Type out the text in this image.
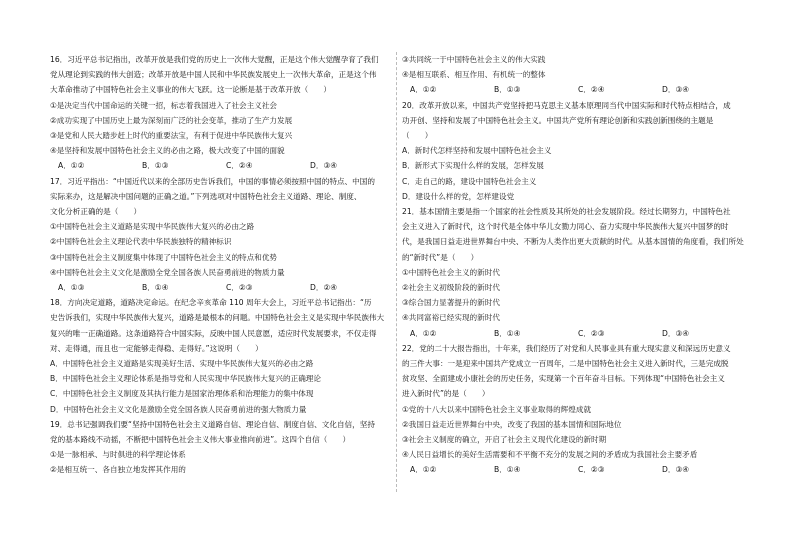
16．习近平总书记指出，改革开放是我们党的历史上一次伟大觉醒，正是这个伟大觉醒孕育了我们
党从理论到实践的伟大创造；改革开放是中国人民和中华民族发展史上一次伟大革命，正是这个伟
大革命推动了中国特色社会主义事业的伟大飞跃。这一论断是基于改革开放（　　）
①是决定当代中国命运的关键一招，标志着我国进入了社会主义社会
②成功实现了中国历史上最为深刻而广泛的社会变革，推动了生产力发展
③是党和人民大踏步赶上时代的重要法宝，有利于促进中华民族伟大复兴
④是坚持和发展中国特色社会主义的必由之路，极大改变了中国的面貌
A．①②	B．①③	C．②④	D．③④
17．习近平指出：“中国近代以来的全部历史告诉我们，中国的事情必须按照中国的特点、中国的
实际来办，这是解决中国问题的正确之道。”下列选项对中国特色社会主义道路、理论、制度、
文化分析正确的是（　　）
①中国特色社会主义道路是实现中华民族伟大复兴的必由之路
②中国特色社会主义理论代表中华民族独特的精神标识
③中国特色社会主义制度集中体现了中国特色社会主义的特点和优势
④中国特色社会主义文化是激励全党全国各族人民奋勇前进的物质力量
A．①③	B．①④	C．②③	D．②④
18．方向决定道路，道路决定命运。在纪念辛亥革命 110 周年大会上，习近平总书记指出：“历
史告诉我们，实现中华民族伟大复兴，道路是最根本的问题。中国特色社会主义是实现中华民族伟大
复兴的唯一正确道路。这条道路符合中国实际，反映中国人民意愿，适应时代发展要求，不仅走得
对、走得通，而且也一定能够走得稳、走得好。”这说明（　　）
A．中国特色社会主义道路是实现美好生活、实现中华民族伟大复兴的必由之路
B．中国特色社会主义理论体系是指导党和人民实现中华民族伟大复兴的正确理论
C．中国特色社会主义制度及其执行能力是国家治理体系和治理能力的集中体现
D．中国特色社会主义文化是激励全党全国各族人民奋勇前进的强大物质力量
19．总书记强调我们要“坚持中国特色社会主义道路自信、理论自信、制度自信、文化自信，坚持
党的基本路线不动摇，不断把中国特色社会主义伟大事业推向前进”。这四个自信（　　）
①是一脉相承、与时俱进的科学理论体系
②是相互统一、各自独立地发挥其作用的
③共同统一于中国特色社会主义的伟大实践
④是相互联系、相互作用、有机统一的整体
A．①②	B．①③	C．②④	D．③④
20．改革开放以来，中国共产党坚持把马克思主义基本原理同当代中国实际和时代特点相结合，成
功开创、坚持和发展了中国特色社会主义。中国共产党所有理论创新和实践创新围绕的主题是
（　　）
A．新时代怎样坚持和发展中国特色社会主义
B．新形式下实现什么样的发展，怎样发展
C．走自己的路，建设中国特色社会主义
D．建设什么样的党，怎样建设党
21．基本国情主要是指一个国家的社会性质及其所处的社会发展阶段。经过长期努力，中国特色社
会主义进入了新时代，这个时代是全体中华儿女勠力同心、奋力实现中华民族伟大复兴中国梦的时
代，是我国日益走进世界舞台中央、不断为人类作出更大贡献的时代。从基本国情的角度看，我们所处
的“新时代”是（　　）
①中国特色社会主义的新时代
②社会主义初级阶段的新时代
③综合国力显著提升的新时代
④共同富裕已经实现的新时代
A．①②	B．①④	C．②③	D．③④
22．党的二十大报告指出，十年来，我们经历了对党和人民事业具有重大现实意义和深远历史意义
的三件大事：一是迎来中国共产党成立一百周年，二是中国特色社会主义进入新时代，三是完成脱
贫攻坚、全面建成小康社会的历史任务，实现第一个百年奋斗目标。下列体现“中国特色社会主义
进入新时代”的是（　　）
①党的十八大以来中国特色社会主义事业取得的辉煌成就
②我国日益走近世界舞台中央，改变了我国的基本国情和国际地位
③社会主义制度的确立，开启了社会主义现代化建设的新时期
④人民日益增长的美好生活需要和不平衡不充分的发展之间的矛盾成为我国社会主要矛盾
A．①②	B．①④	C．②③	D．③④
